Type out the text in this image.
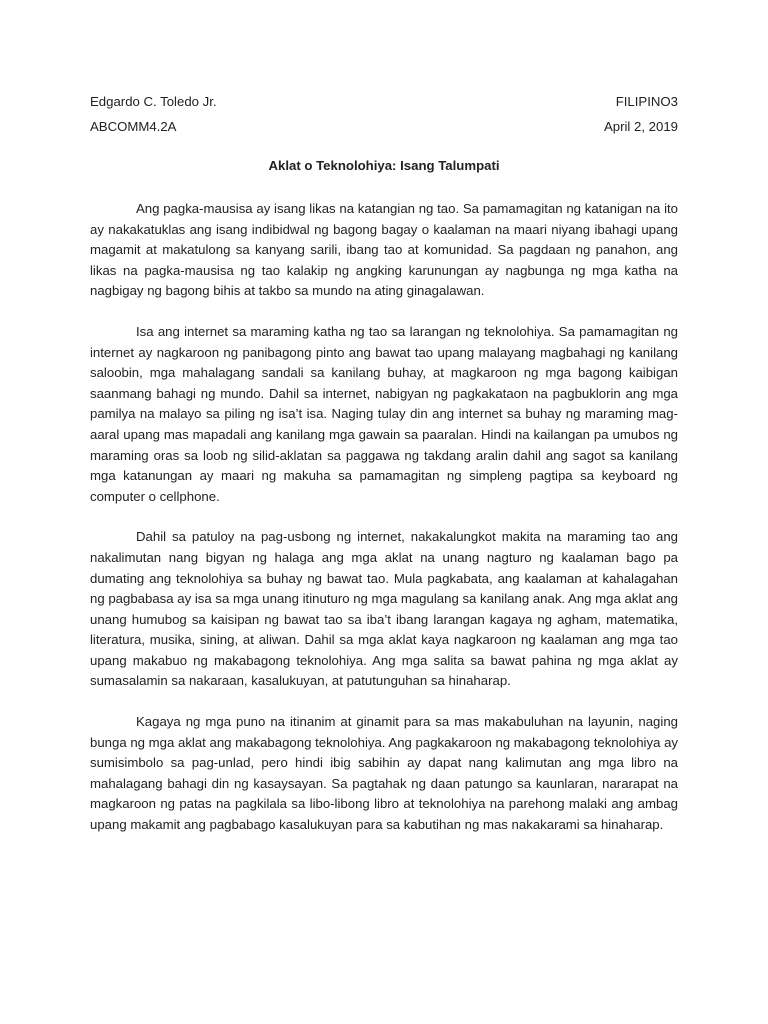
Edgardo C. Toledo Jr.	FILIPINO3
ABCOMM4.2A	April 2, 2019
Aklat o Teknolohiya: Isang Talumpati

Ang pagka-mausisa ay isang likas na katangian ng tao. Sa pamamagitan ng katanigan na ito ay nakakatuklas ang isang indibidwal ng bagong bagay o kaalaman na maari niyang ibahagi upang magamit at makatulong sa kanyang sarili, ibang tao at komunidad. Sa pagdaan ng panahon, ang likas na pagka-mausisa ng tao kalakip ng angking karunungan ay nagbunga ng mga katha na nagbigay ng bagong bihis at takbo sa mundo na ating ginagalawan.

Isa ang internet sa maraming katha ng tao sa larangan ng teknolohiya. Sa pamamagitan ng internet ay nagkaroon ng panibagong pinto ang bawat tao upang malayang magbahagi ng kanilang saloobin, mga mahalagang sandali sa kanilang buhay, at magkaroon ng mga bagong kaibigan saanmang bahagi ng mundo. Dahil sa internet, nabigyan ng pagkakataon na pagbuklorin ang mga pamilya na malayo sa piling ng isa’t isa. Naging tulay din ang internet sa buhay ng maraming mag-aaral upang mas mapadali ang kanilang mga gawain sa paaralan. Hindi na kailangan pa umubos ng maraming oras sa loob ng silid-aklatan sa paggawa ng takdang aralin dahil ang sagot sa kanilang mga katanungan ay maari ng makuha sa pamamagitan ng simpleng pagtipa sa keyboard ng computer o cellphone.

Dahil sa patuloy na pag-usbong ng internet, nakakalungkot makita na maraming tao ang nakalimutan nang bigyan ng halaga ang mga aklat na unang nagturo ng kaalaman bago pa dumating ang teknolohiya sa buhay ng bawat tao. Mula pagkabata, ang kaalaman at kahalagahan ng pagbabasa ay isa sa mga unang itinuturo ng mga magulang sa kanilang anak. Ang mga aklat ang unang humubog sa kaisipan ng bawat tao sa iba’t ibang larangan kagaya ng agham, matematika, literatura, musika, sining, at aliwan. Dahil sa mga aklat kaya nagkaroon ng kaalaman ang mga tao upang makabuo ng makabagong teknolohiya. Ang mga salita sa bawat pahina ng mga aklat ay sumasalamin sa nakaraan, kasalukuyan, at patutunguhan sa hinaharap.

Kagaya ng mga puno na itinanim at ginamit para sa mas makabuluhan na layunin, naging bunga ng mga aklat ang makabagong teknolohiya. Ang pagkakaroon ng makabagong teknolohiya ay sumisimbolo sa pag-unlad, pero hindi ibig sabihin ay dapat nang kalimutan ang mga libro na mahalagang bahagi din ng kasaysayan. Sa pagtahak ng daan patungo sa kaunlaran, nararapat na magkaroon ng patas na pagkilala sa libo-libong libro at teknolohiya na parehong malaki ang ambag upang makamit ang pagbabago kasalukuyan para sa kabutihan ng mas nakakarami sa hinaharap.
